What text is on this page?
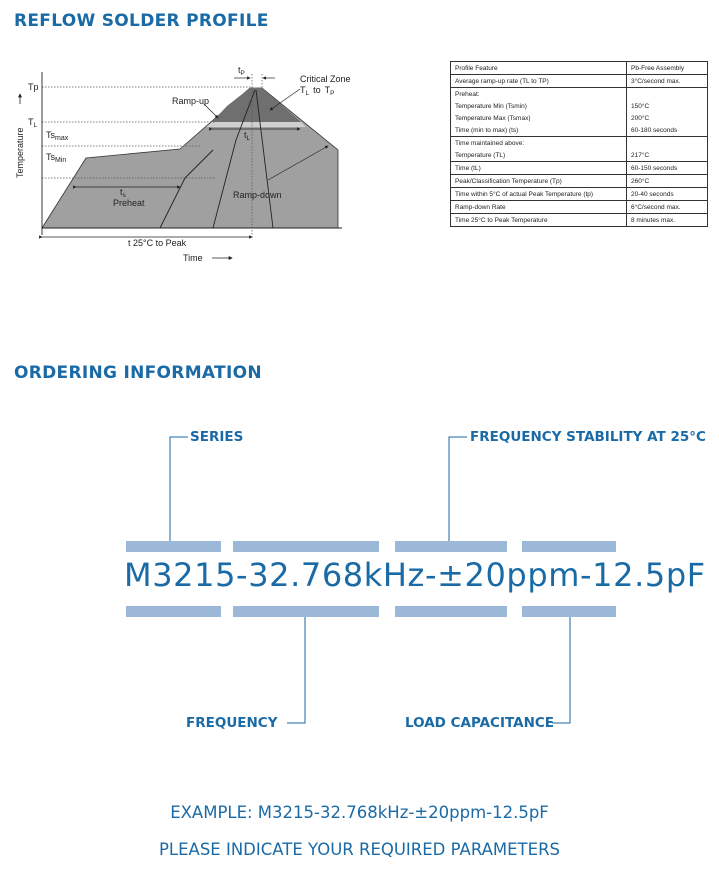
REFLOW SOLDER PROFILE
ORDERING INFORMATION
Tp
$T_L$
$Ts_{max}$
$Ts_{Min}$
Temperature
Time
$t_P$
Critical Zone
$T_L$ to $T_P$
Ramp-up
$t_L$
$t_s$
Preheat
Ramp-down
t 25°C to Peak
Profile Feature	Pb-Free Assembly
Average ramp-up rate (TL to TP)	3°C/second max.
Preheat:	
Temperature Min (Tsmin)	150°C
Temperature Max (Tsmax)	200°C
Time (min to max) (ts)	60-180 seconds
Time maintained above:	
Temperature (TL)	217°C
Time (tL)	60-150 seconds
Peak/Classification Temperature (Tp)	260°C
Time within 5°C of actual Peak Temperature (tp)	20-40 seconds
Ramp-down Rate	6°C/second max.
Time 25°C to Peak Temperature	8 minutes max.
M3215-32.768kHz-±20ppm-12.5pF
SERIES	FREQUENCY STABILITY AT 25°C
FREQUENCY	LOAD CAPACITANCE
EXAMPLE: M3215-32.768kHz-±20ppm-12.5pF
PLEASE INDICATE YOUR REQUIRED PARAMETERS
